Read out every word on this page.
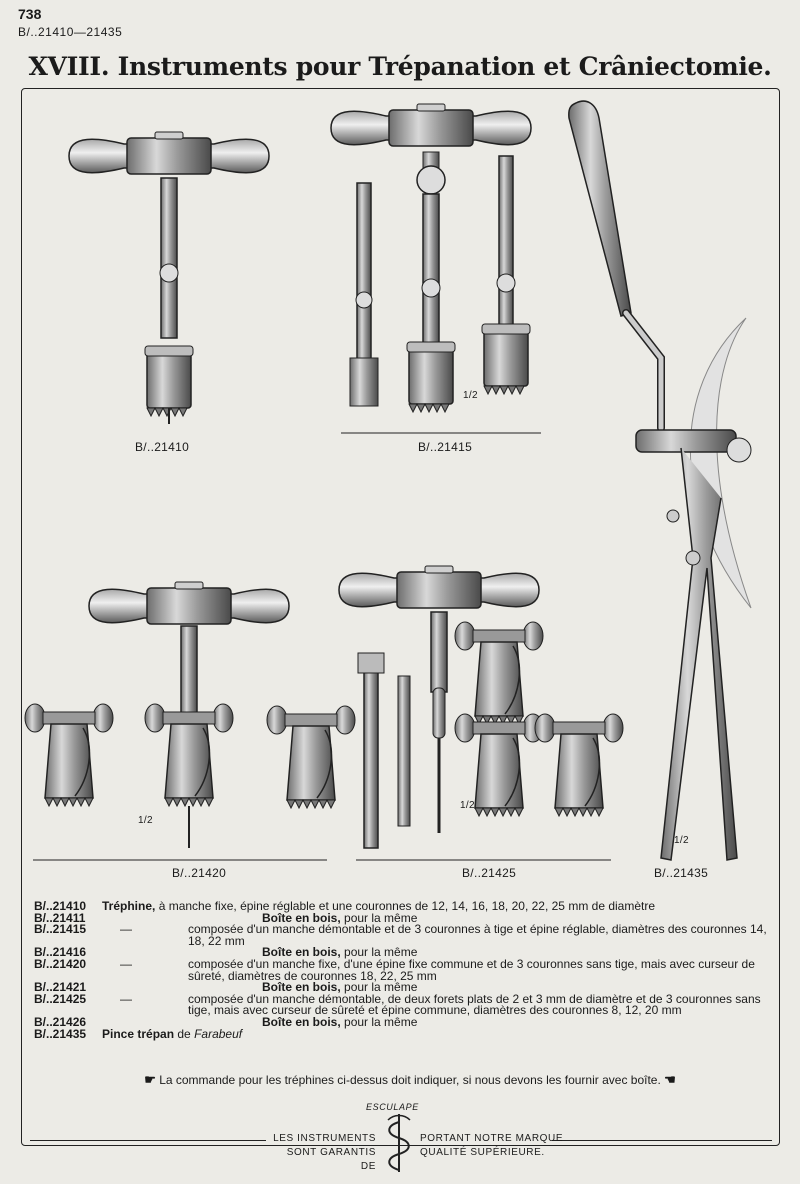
738
B/..21410—21435
XVIII. Instruments pour Trépanation et Crâniectomie.
B/..21410	B/..21415
B/..21420	B/..21425	B/..21435
1/2
1/2
1/2
1/2
B/..21410	Tréphine, à manche fixe, épine réglable et une couronnes de 12, 14, 16, 18, 20, 22, 25 mm de diamètre
B/..21411	Boîte en bois, pour la même
B/..21415	—	composée d'un manche démontable et de 3 couronnes à tige et épine réglable, diamètres des couronnes 14, 18, 22 mm
B/..21416	Boîte en bois, pour la même
B/..21420	—	composée d'un manche fixe, d'une épine fixe commune et de 3 couronnes sans tige, mais avec curseur de sûreté, diamètres de couronnes 18, 22, 25 mm
B/..21421	Boîte en bois, pour la même
B/..21425	—	composée d'un manche démontable, de deux forets plats de 2 et 3 mm de diamètre et de 3 couronnes sans tige, mais avec curseur de sûreté et épine commune, diamètres des couronnes 8, 12, 20 mm
B/..21426	Boîte en bois, pour la même
B/..21435	Pince trépan de Farabeuf
☛ La commande pour les tréphines ci-dessus doit indiquer, si nous devons les fournir avec boîte. ☚
ESCULAPE
LES INSTRUMENTS
SONT GARANTIS DE
PORTANT NOTRE MARQUE
QUALITÉ SUPÉRIEURE.
